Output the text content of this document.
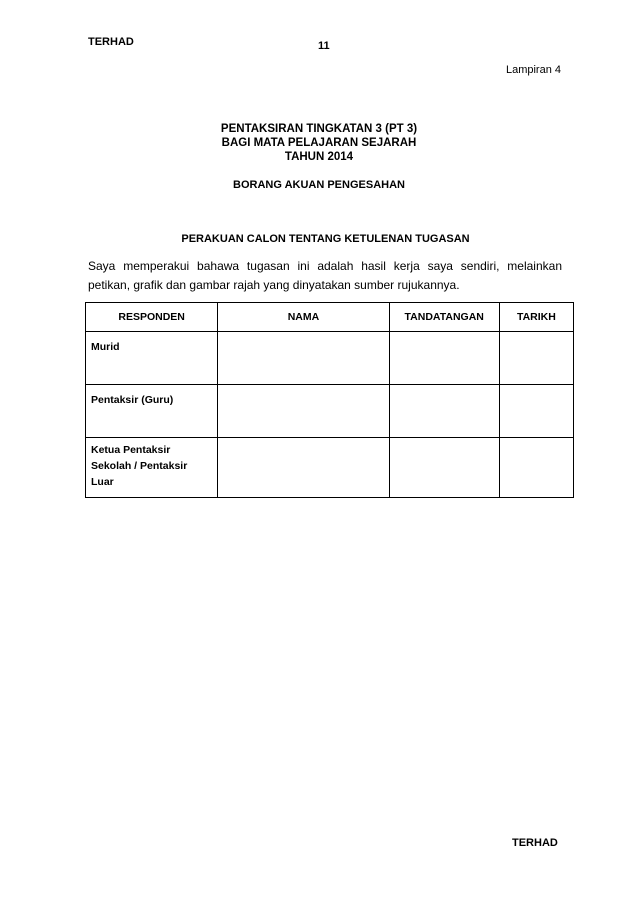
TERHAD	11
Lampiran 4
PENTAKSIRAN TINGKATAN 3 (PT 3)
BAGI MATA PELAJARAN SEJARAH
TAHUN 2014
BORANG AKUAN PENGESAHAN
PERAKUAN CALON TENTANG KETULENAN TUGASAN
Saya memperakui bahawa tugasan ini adalah hasil kerja saya sendiri, melainkan petikan, grafik dan gambar rajah yang dinyatakan sumber rujukannya.
RESPONDEN	NAMA	TANDATANGAN	TARIKH
Murid			
Pentaksir (Guru)			
Ketua Pentaksir Sekolah / Pentaksir Luar			
TERHAD
